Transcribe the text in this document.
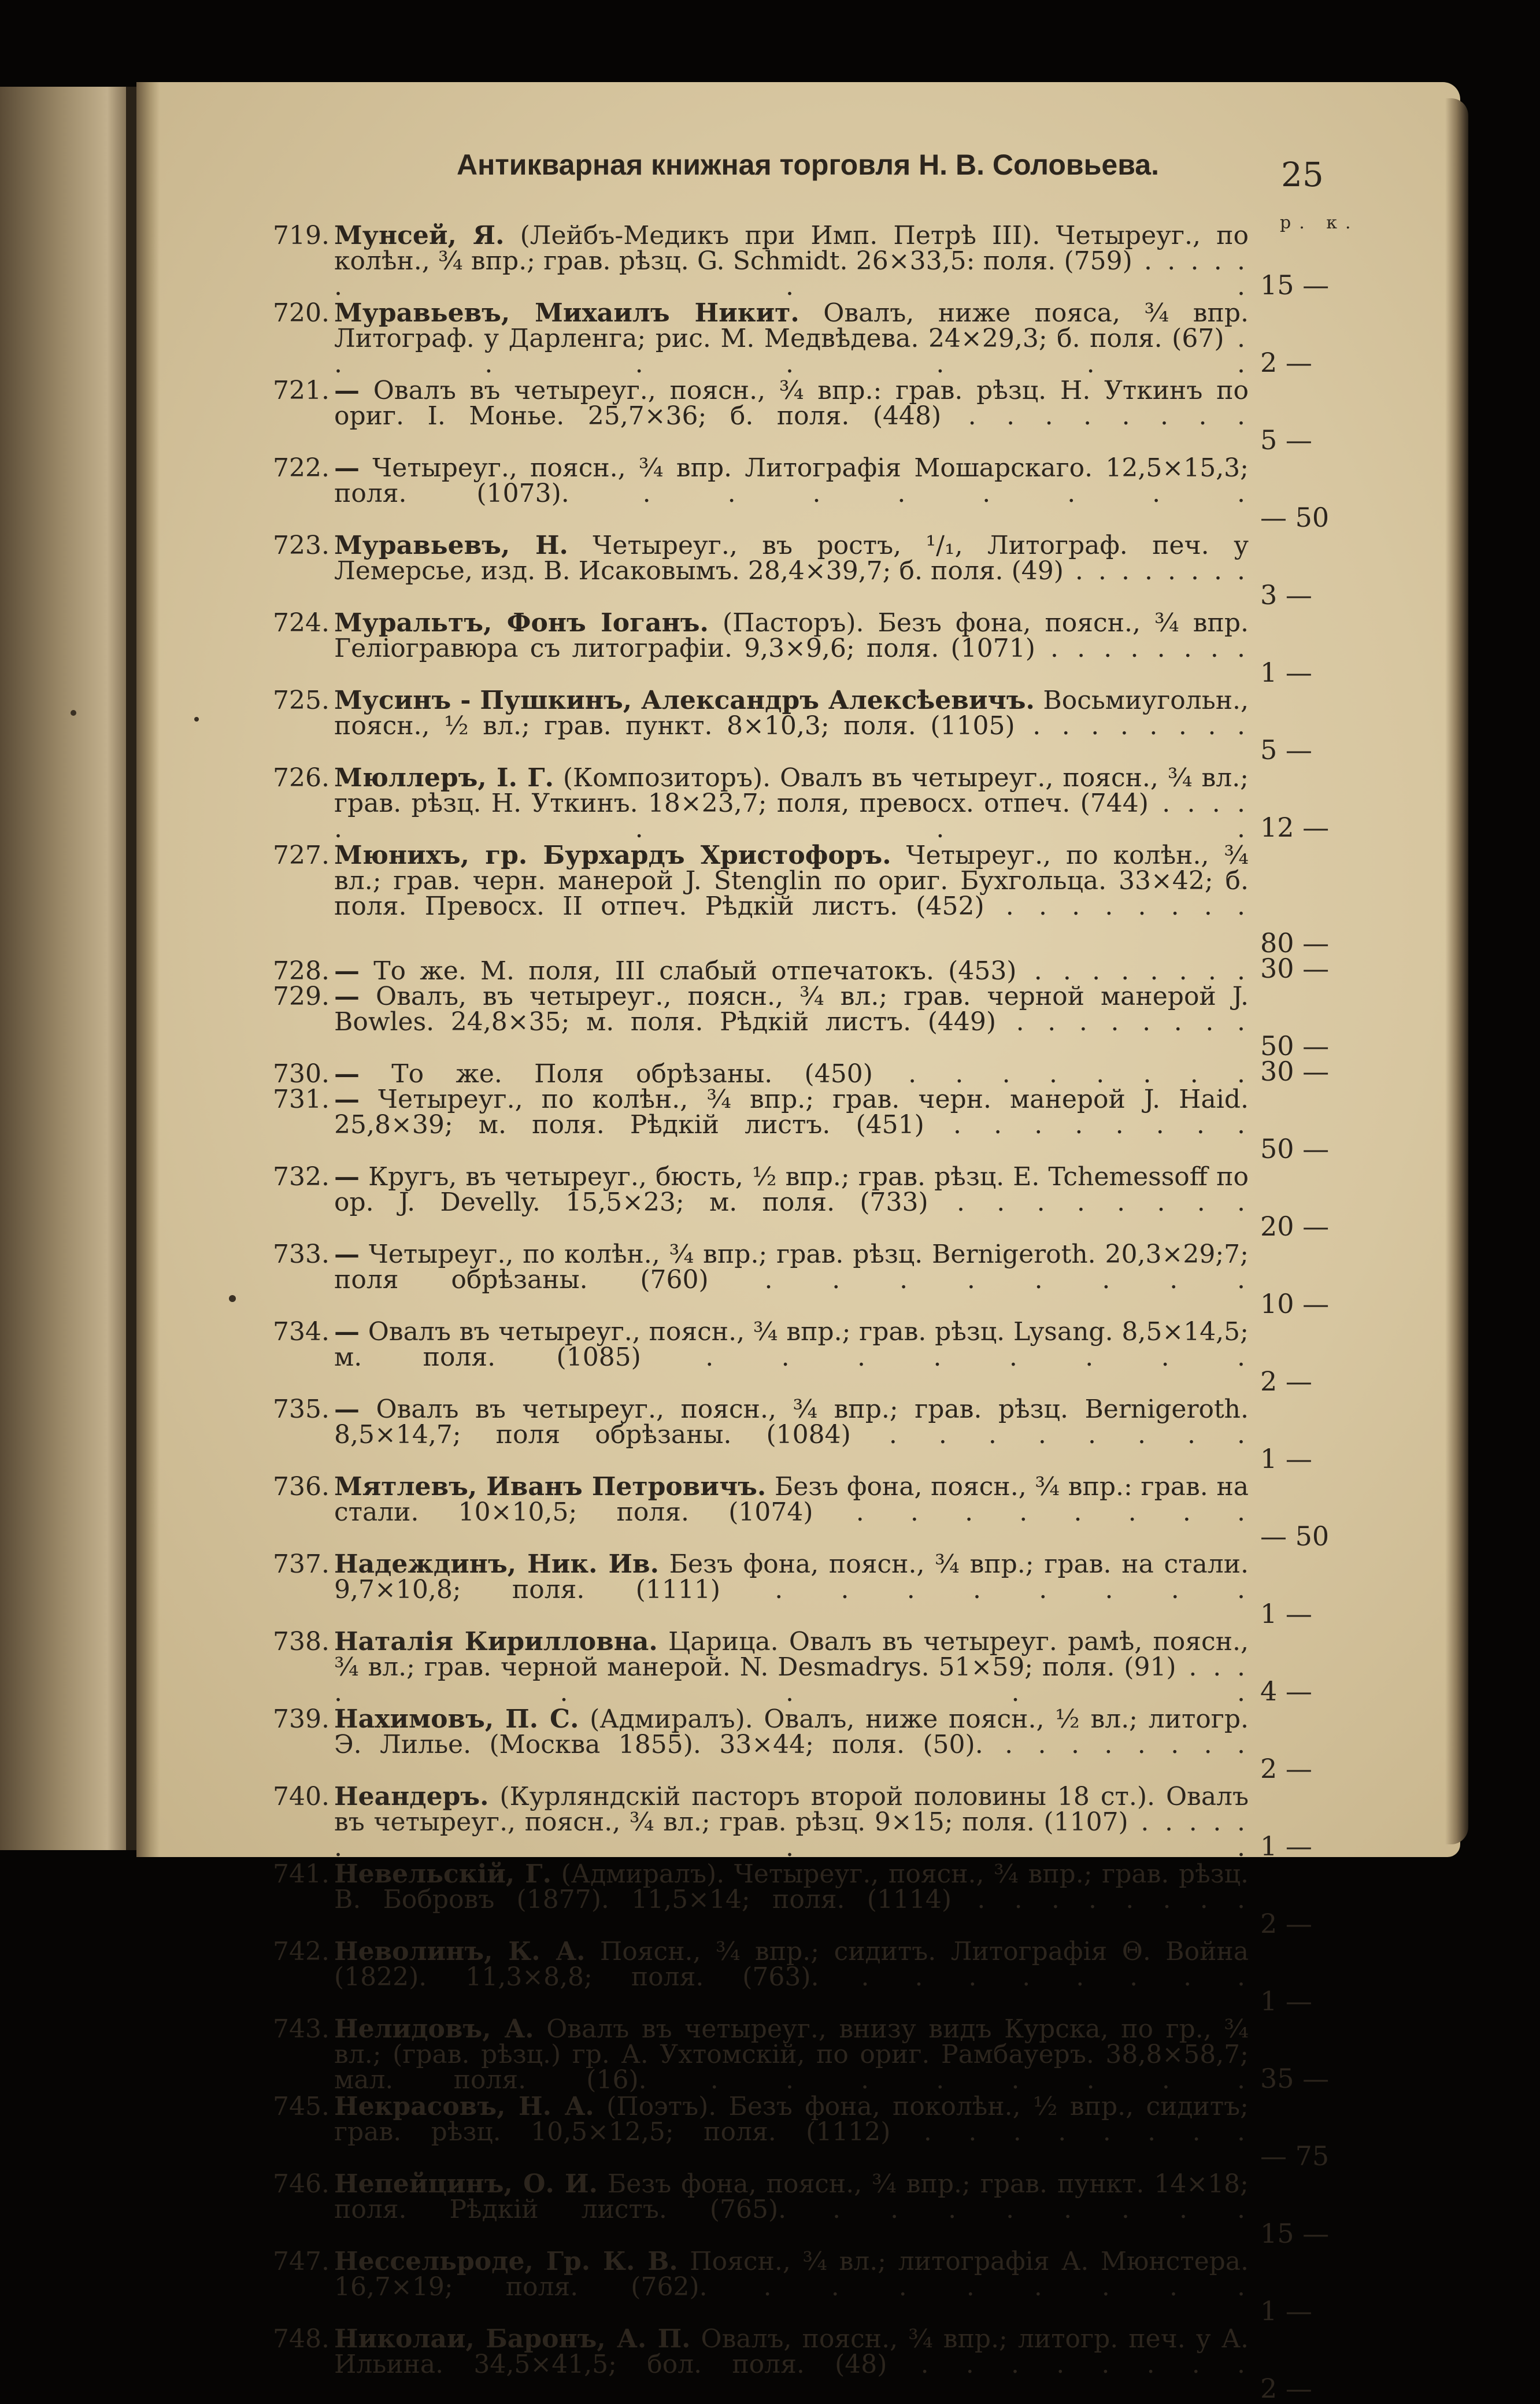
Антикварная книжная торговля Н. В. Соловьева.	25
р. к.
719. Мунсей, Я. (Лейбъ-Медикъ при Имп. Петрѣ III). Четыреуг., по колѣн., ¾ впр.; грав. рѣзц. G. Schmidt. 26×33,5: поля. (759) . . . . . . . . 15 —
720. Муравьевъ, Михаилъ Никит. Овалъ, ниже пояса, ¾ впр. Литограф. у Дарленга; рис. М. Медвѣдева. 24×29,3; б. поля. (67) . . . . . . . . 2 —
721. — Овалъ въ четыреуг., поясн., ¾ впр.: грав. рѣзц. Н. Уткинъ по ориг. I. Монье. 25,7×36; б. поля. (448) . . . . . . . .
5 —
722. — Четыреуг., поясн., ¾ впр. Литографія Мошарскаго. 12,5×15,3; поля. (1073). . . . . . . . .
— 50
723. Муравьевъ, Н. Четыреуг., въ ростъ, ¹/₁, Литограф. печ. у Лемерсье, изд. В. Исаковымъ. 28,4×39,7; б. поля. (49) . . . . . . . .
3 —
724. Муральтъ, Фонъ Іоганъ. (Пасторъ). Безъ фона, поясн., ¾ впр. Геліогравюра съ литографіи. 9,3×9,6; поля. (1071) . . . . . . . .
1 —
725. Мусинъ - Пушкинъ, Александръ Алексѣевичъ. Восьмиугольн., поясн., ½ вл.; грав. пункт. 8×10,3; поля. (1105) . . . . . . . .
5 —
726. Мюллеръ, І. Г. (Композиторъ). Овалъ въ четыреуг., поясн., ¾ вл.; грав. рѣзц. Н. Уткинъ. 18×23,7; поля, превосх. отпеч. (744) . . . . . . . . 12 —
727. Мюнихъ, гр. Бурхардъ Христофоръ. Четыреуг., по колѣн., ¾ вл.; грав. черн. манерой J. Stenglin по ориг. Бухгольца. 33×42; б. поля. Превосх. II отпеч. Рѣдкій листъ. (452) . . . . . . . .
80 —
728. — То же. М. поля, III слабый отпечатокъ. (453) . . . . . . . . 30 —
729. — Овалъ, въ четыреуг., поясн., ¾ вл.; грав. черной манерой J. Bowles. 24,8×35; м. поля. Рѣдкій листъ. (449) . . . . . . . .
50 —
730. — То же. Поля обрѣзаны. (450) . . . . . . . . 30 —
731. — Четыреуг., по колѣн., ¾ впр.; грав. черн. манерой J. Haid. 25,8×39; м. поля. Рѣдкій листъ. (451) . . . . . . . .
50 —
732. — Кругъ, въ четыреуг., бюсть, ½ впр.; грав. рѣзц. E. Tchemessoff по ор. J. Develly. 15,5×23; м. поля. (733) . . . . . . . .
20 —
733. — Четыреуг., по колѣн., ¾ впр.; грав. рѣзц. Bernigeroth. 20,3×29;7; поля обрѣзаны. (760) . . . . . . . .
10 —
734. — Овалъ въ четыреуг., поясн., ¾ впр.; грав. рѣзц. Lysang. 8,5×14,5; м. поля. (1085) . . . . . . . .
2 —
735. — Овалъ въ четыреуг., поясн., ¾ впр.; грав. рѣзц. Bernigeroth. 8,5×14,7; поля обрѣзаны. (1084) . . . . . . . .
1 —
736. Мятлевъ, Иванъ Петровичъ. Безъ фона, поясн., ¾ впр.: грав. на стали. 10×10,5; поля. (1074) . . . . . . . .
— 50
737. Надеждинъ, Ник. Ив. Безъ фона, поясн., ¾ впр.; грав. на стали. 9,7×10,8; поля. (1111) . . . . . . . .
1 —
738. Наталія Кирилловна. Царица. Овалъ въ четыреуг. рамѣ, поясн., ¾ вл.; грав. черной манерой. N. Desmadrys. 51×59; поля. (91) . . . . . . . . 4 —
739. Нахимовъ, П. С. (Адмиралъ). Овалъ, ниже поясн., ½ вл.; литогр. Э. Лилье. (Москва 1855). 33×44; поля. (50). . . . . . . . .
2 —
740. Неандеръ. (Курляндскій пасторъ второй половины 18 ст.). Овалъ въ четыреуг., поясн., ¾ вл.; грав. рѣзц. 9×15; поля. (1107) . . . . . . . . 1 —
741. Невельскій, Г. (Адмиралъ). Четыреуг., поясн., ¾ впр.; грав. рѣзц. В. Бобровъ (1877). 11,5×14; поля. (1114) . . . . . . . .
2 —
742. Неволинъ, К. А. Поясн., ¾ впр.; сидитъ. Литографія Θ. Война (1822). 11,3×8,8; поля. (763). . . . . . . . .
1 —
743. Нелидовъ, А. Овалъ въ четыреуг., внизу видъ Курска, по гр., ¾ вл.; (грав. рѣзц.) гр. А. Ухтомскій, по ориг. Рамбауеръ. 38,8×58,7; мал. поля. (16). . . . . . . . . 35 —
745. Некрасовъ, Н. А. (Поэтъ). Безъ фона, поколѣн., ½ впр., сидитъ; грав. рѣзц. 10,5×12,5; поля. (1112) . . . . . . . .
— 75
746. Непейцинъ, О. И. Безъ фона, поясн., ¾ впр.; грав. пункт. 14×18; поля. Рѣдкій листъ. (765). . . . . . . . .
15 —
747. Нессельроде, Гр. К. В. Поясн., ¾ вл.; литографія А. Мюнстера. 16,7×19; поля. (762). . . . . . . . .
1 —
748. Николаи, Баронъ, А. П. Овалъ, поясн., ¾ впр.; литогр. печ. у А. Ильина. 34,5×41,5; бол. поля. (48) . . . . . . . .
2 —
